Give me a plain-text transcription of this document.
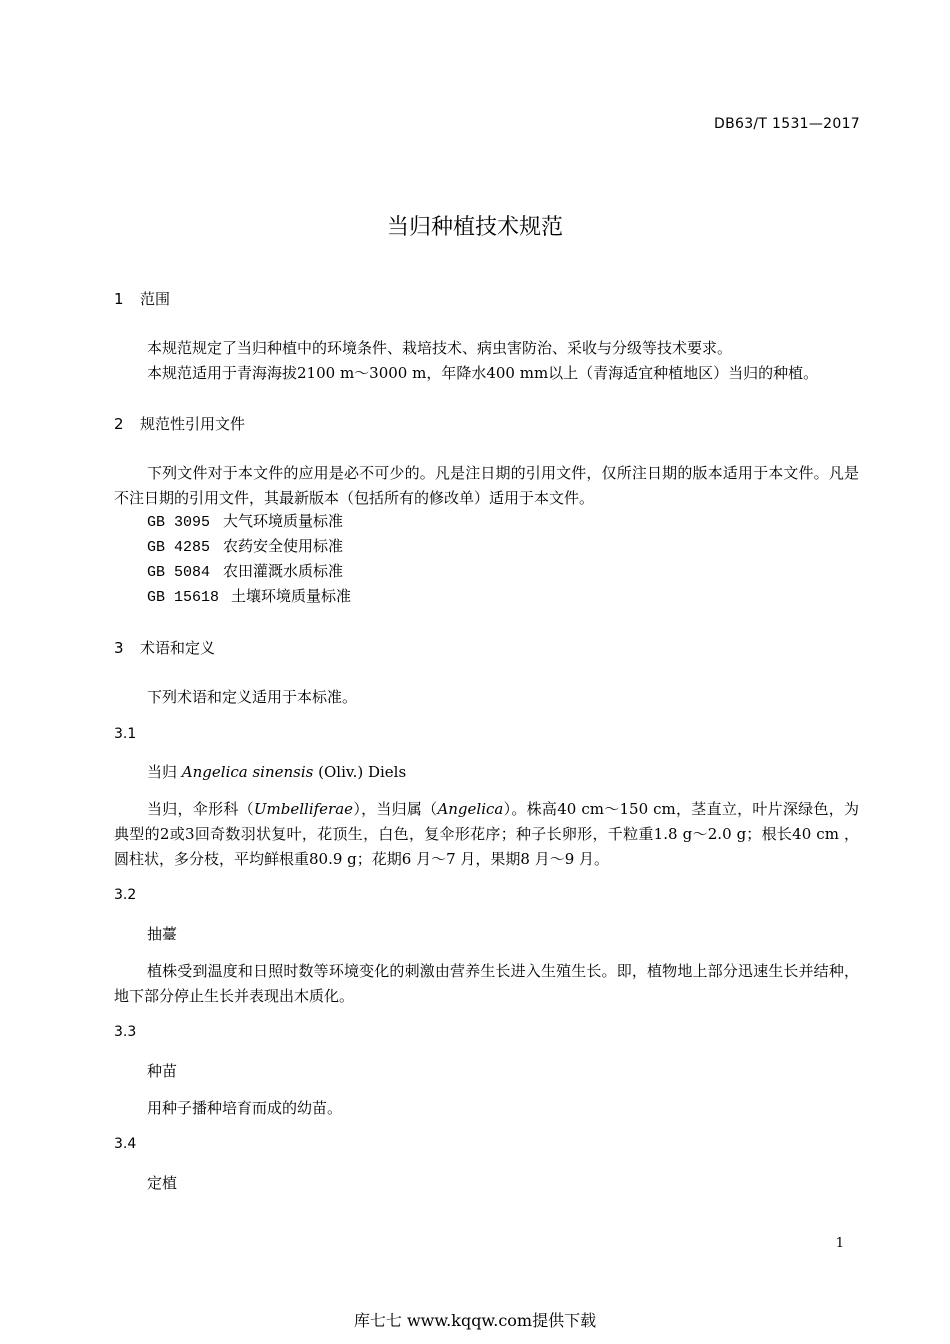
DB63/T 1531—2017
当归种植技术规范
1 范围
本规范规定了当归种植中的环境条件、栽培技术、病虫害防治、采收与分级等技术要求。
本规范适用于青海海拔2100 m～3000 m，年降水400 mm以上（青海适宜种植地区）当归的种植。
2 规范性引用文件
下列文件对于本文件的应用是必不可少的。凡是注日期的引用文件，仅所注日期的版本适用于本文件。凡是不注日期的引用文件，其最新版本（包括所有的修改单）适用于本文件。
GB 3095 大气环境质量标准
GB 4285 农药安全使用标准
GB 5084 农田灌溉水质标准
GB 15618 土壤环境质量标准
3 术语和定义
下列术语和定义适用于本标准。
3.1
当归 Angelica sinensis (Oliv.) Diels
当归，伞形科（Umbelliferae），当归属（Angelica）。株高40 cm～150 cm，茎直立，叶片深绿色，为典型的2或3回奇数羽状复叶，花顶生，白色，复伞形花序；种子长卵形，千粒重1.8 g～2.0 g；根长40 cm ，圆柱状，多分枝，平均鲜根重80.9 g；花期6 月～7 月，果期8 月～9 月。
3.2
抽薹
植株受到温度和日照时数等环境变化的刺激由营养生长进入生殖生长。即，植物地上部分迅速生长并结种，地下部分停止生长并表现出木质化。
3.3
种苗
用种子播种培育而成的幼苗。
3.4
定植
1
库七七 www.kqqw.com提供下载
